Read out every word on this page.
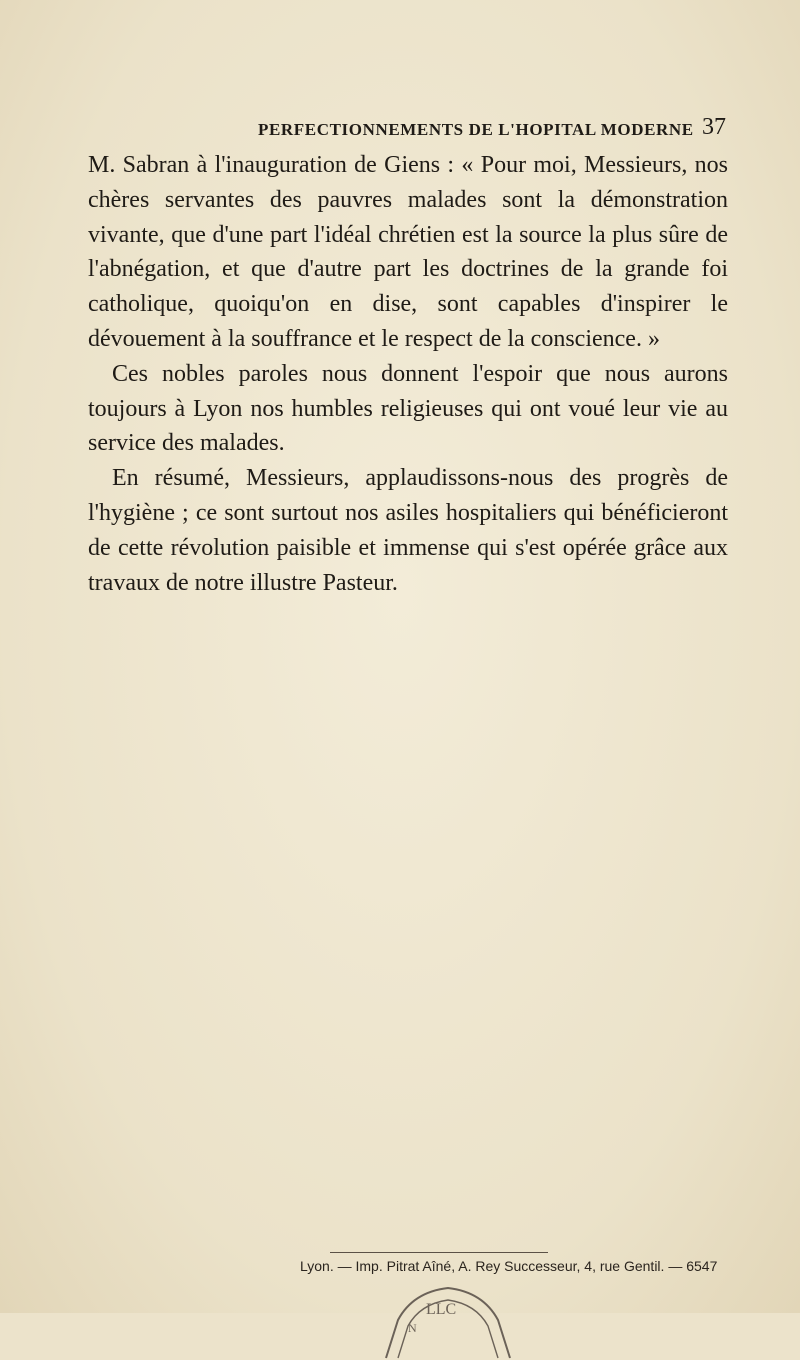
PERFECTIONNEMENTS DE L'HOPITAL MODERNE 37

M. Sabran à l'inauguration de Giens : « Pour moi, Messieurs, nos chères servantes des pauvres malades sont la démonstration vivante, que d'une part l'idéal chrétien est la source la plus sûre de l'abnégation, et que d'autre part les doctrines de la grande foi catholique, quoiqu'on en dise, sont capables d'inspirer le dévouement à la souffrance et le respect de la conscience. »

Ces nobles paroles nous donnent l'espoir que nous aurons toujours à Lyon nos humbles religieuses qui ont voué leur vie au service des malades.

En résumé, Messieurs, applaudissons-nous des progrès de l'hygiène ; ce sont surtout nos asiles hospitaliers qui bénéficieront de cette révolution paisible et immense qui s'est opérée grâce aux travaux de notre illustre Pasteur.

Lyon. — Imp. Pitrat Aîné, A. Rey Successeur, 4, rue Gentil. — 6547
LLC
N
